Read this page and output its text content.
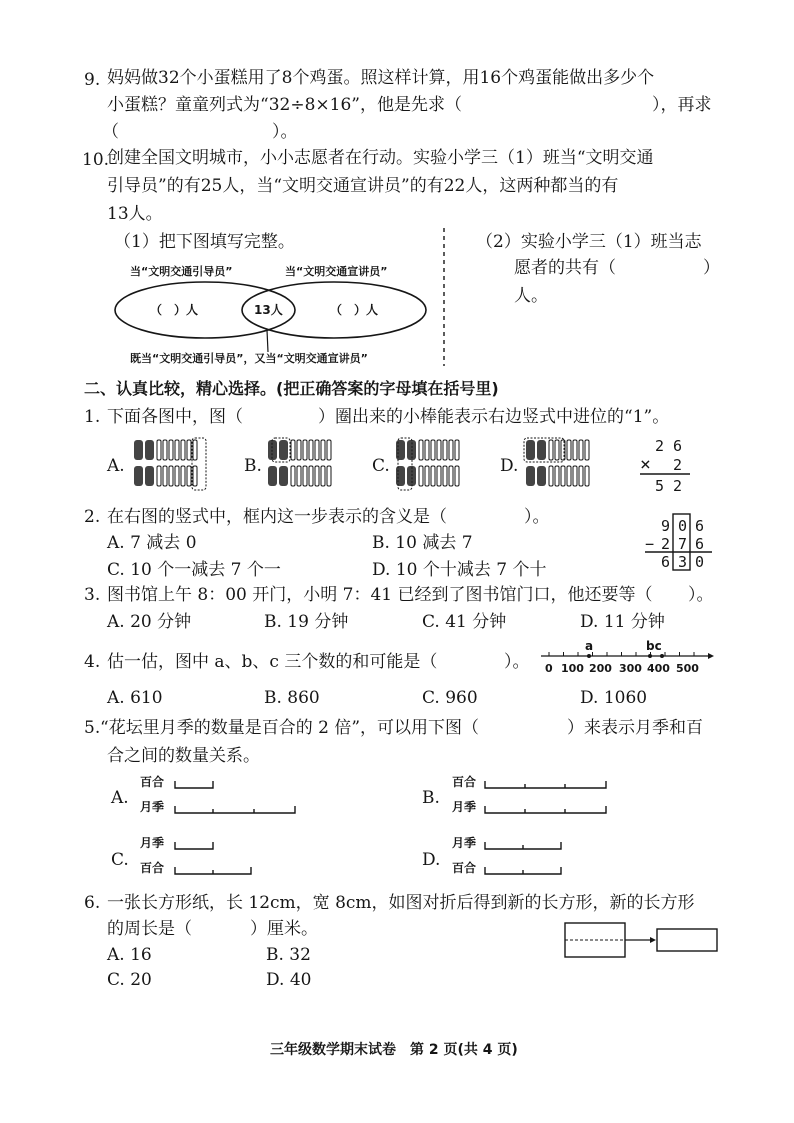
9. 妈妈做32个小蛋糕用了8个鸡蛋。照这样计算，用16个鸡蛋能做出多少个
小蛋糕？童童列式为“32÷8×16”，他是先求（	），再求
（	）。
10.
创建全国文明城市，小小志愿者在行动。实验小学三（1）班当“文明交通
引导员”的有25人，当“文明交通宣讲员”的有22人，这两种都当的有
13人。
（1）把下图填写完整。	（2）实验小学三（1）班当志
愿者的共有（	）
人。
当“文明交通引导员”	当“文明交通宣讲员”
（　）人	13人	（　）人
既当“文明交通引导员”，又当“文明交通宣讲员”
二、认真比较，精心选择。(把正确答案的字母填在括号里)
1. 下面各图中，图（	）圈出来的小棒能表示右边竖式中进位的“1”。
A.	B.	C.	D.
2 6
× 2
5 2
2. 在右图的竖式中，框内这一步表示的含义是（	）。
A. 7 减去 0	B. 10 减去 7
C. 10 个一减去 7 个一	D. 10 个十减去 7 个十
9 0 6
− 2 7 6
6 3 0
3. 图书馆上午 8：00 开门，小明 7：41 已经到了图书馆门口，他还要等（ ）。
A. 20 分钟	B. 19 分钟	C. 41 分钟	D. 11 分钟
4. 估一估，图中 a、b、c 三个数的和可能是（	）。
a	bc
0 100 200 300 400 500
A. 610	B. 860	C. 960	D. 1060
5. “花坛里月季的数量是百合的 2 倍”，可以用下图（	）来表示月季和百
合之间的数量关系。
A.	B.
C.	D.
百合
月季
百合
月季
月季
百合
月季
百合
6. 一张长方形纸，长 12cm，宽 8cm，如图对折后得到新的长方形，新的长方形
的周长是（	）厘米。
A. 16	B. 32
C. 20	D. 40
三年级数学期末试卷　第 2 页(共 4 页)
